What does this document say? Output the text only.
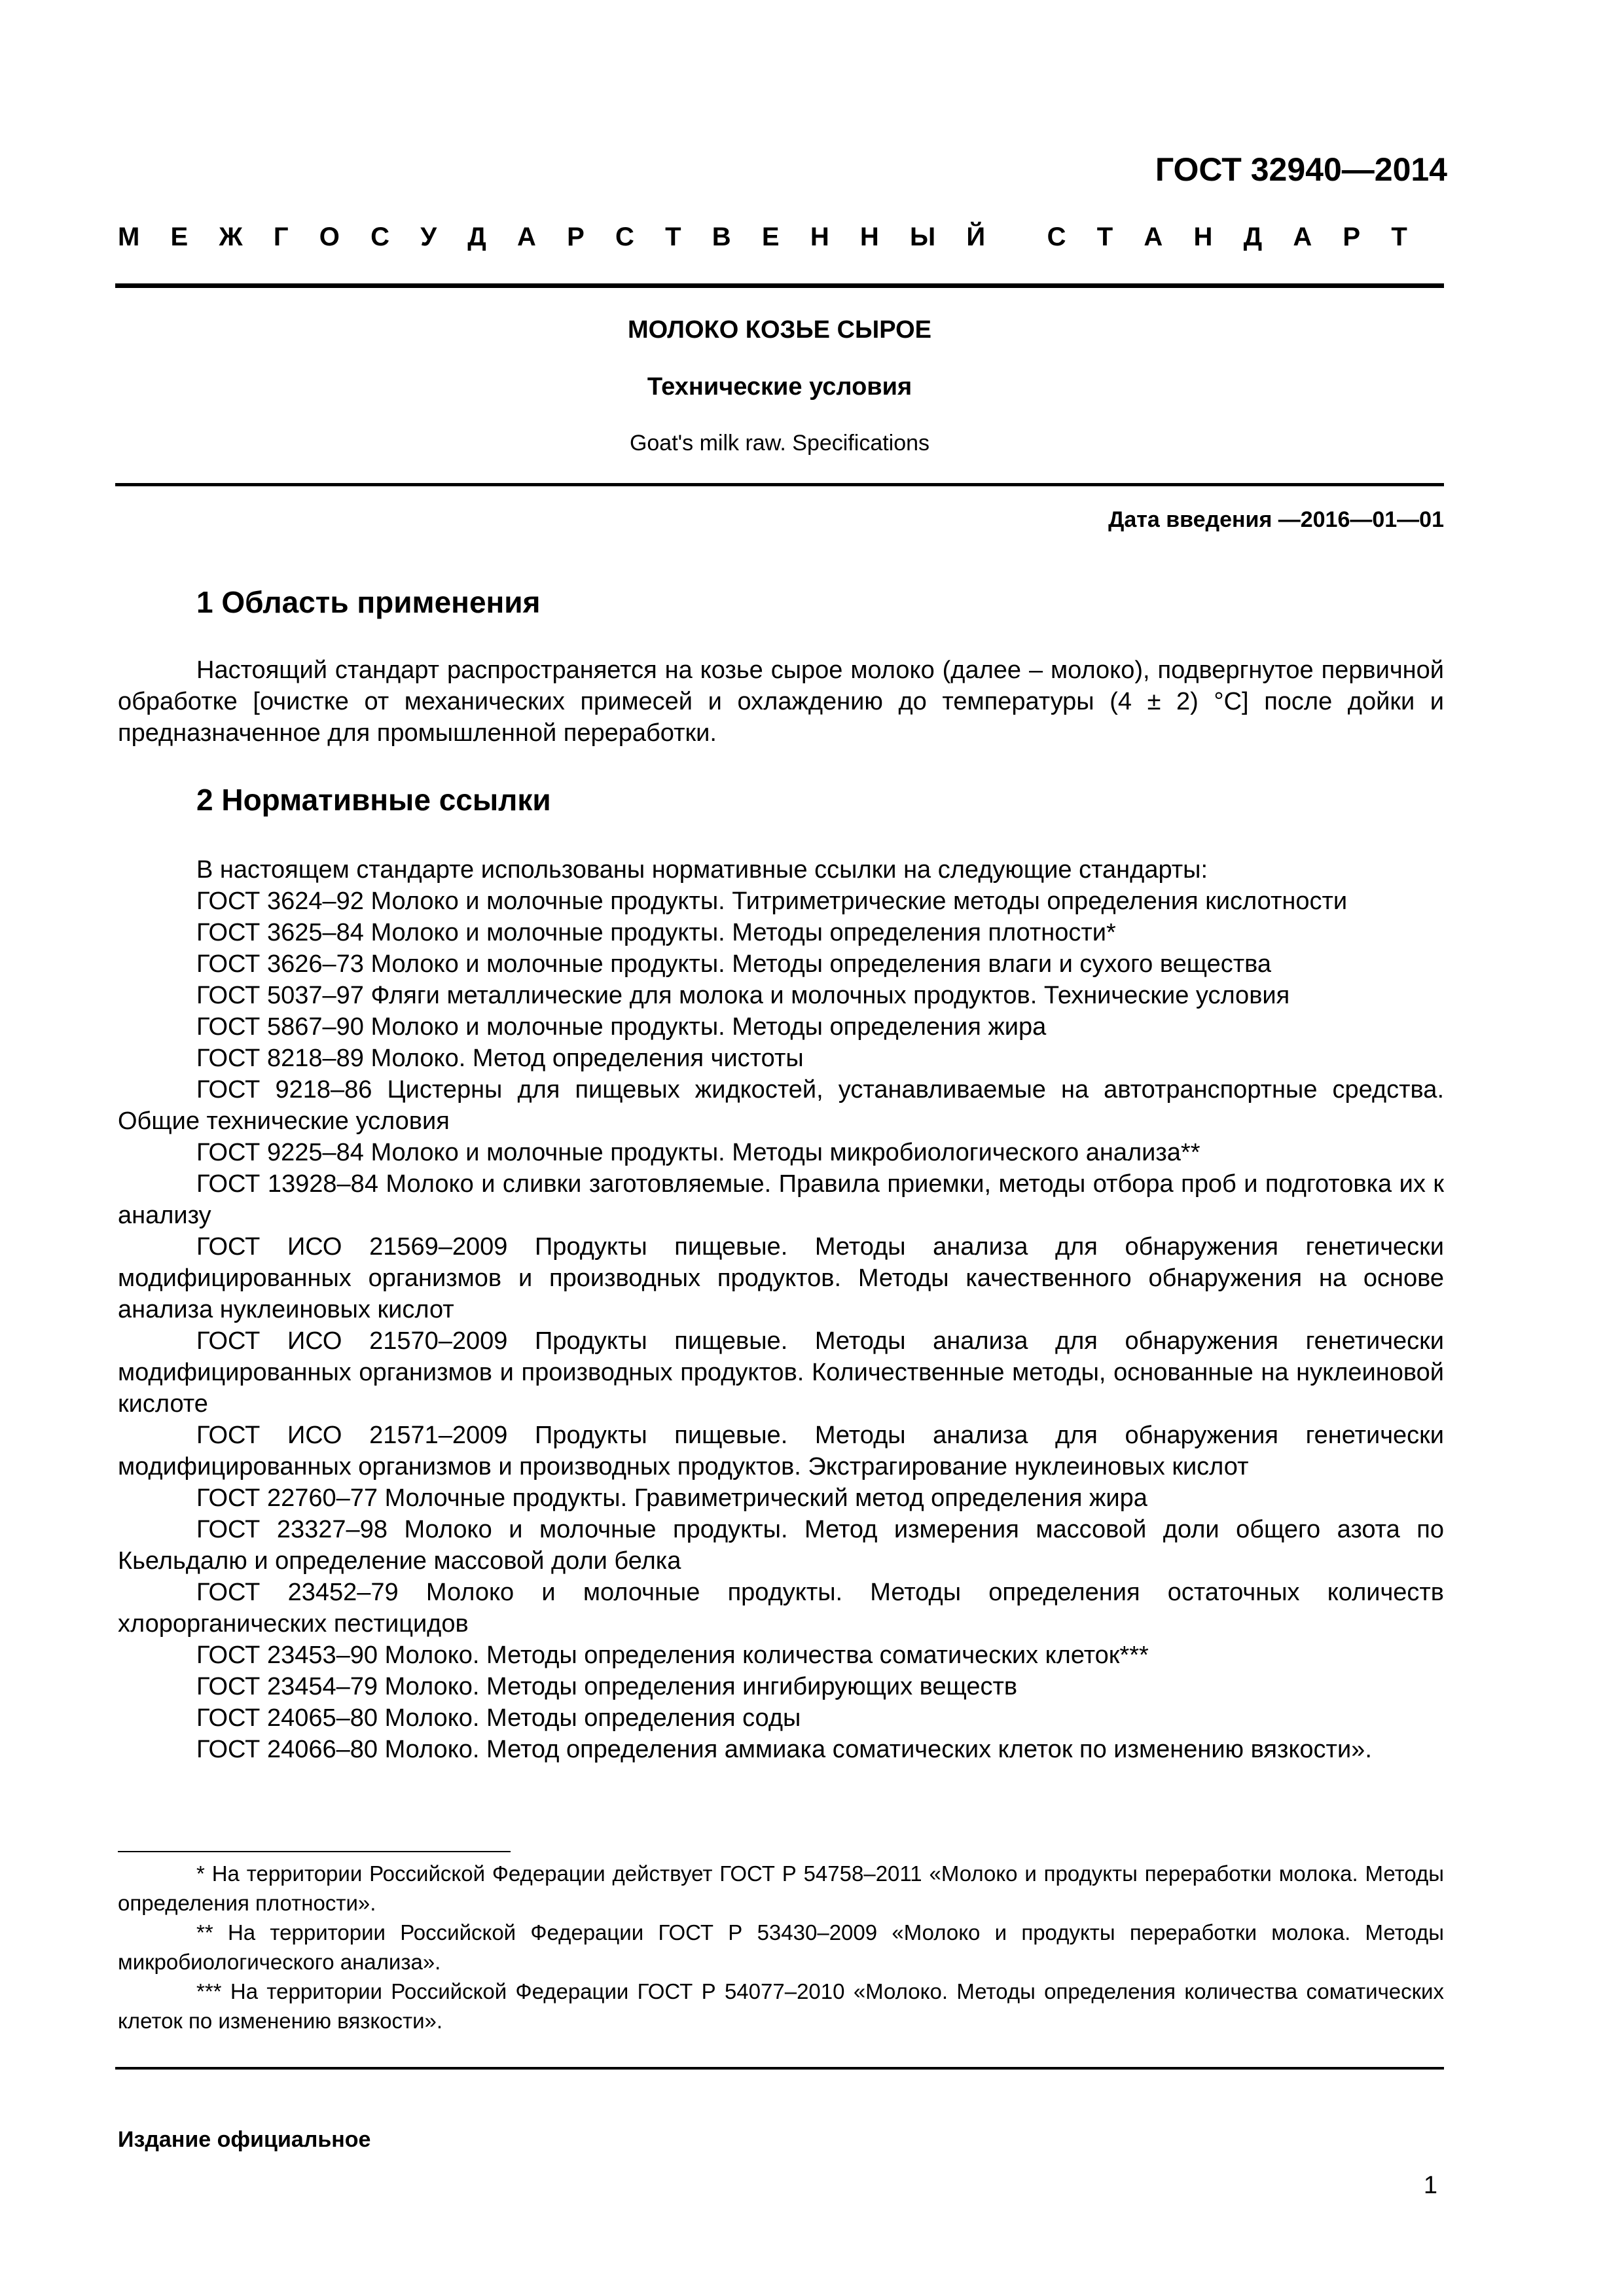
ГОСТ 32940—2014
М Е Ж Г О С У Д А Р С Т В Е Н Н Ы Й С Т А Н Д А Р Т
МОЛОКО КОЗЬЕ СЫРОЕ
Технические условия
Goat's milk raw. Specifications
Дата введения —2016—01—01
1 Область применения

Настоящий стандарт распространяется на козье сырое молоко (далее – молоко), подвергнутое первичной обработке [очистке от механических примесей и охлаждению до температуры (4 ± 2) °С] после дойки и предназначенное для промышленной переработки.

2 Нормативные ссылки

В настоящем стандарте использованы нормативные ссылки на следующие стандарты:

ГОСТ 3624–92 Молоко и молочные продукты. Титриметрические методы определения кислотности

ГОСТ 3625–84 Молоко и молочные продукты. Методы определения плотности*

ГОСТ 3626–73 Молоко и молочные продукты. Методы определения влаги и сухого вещества

ГОСТ 5037–97 Фляги металлические для молока и молочных продуктов. Технические условия

ГОСТ 5867–90 Молоко и молочные продукты. Методы определения жира

ГОСТ 8218–89 Молоко. Метод определения чистоты

ГОСТ 9218–86 Цистерны для пищевых жидкостей, устанавливаемые на автотранспортные средства. Общие технические условия

ГОСТ 9225–84 Молоко и молочные продукты. Методы микробиологического анализа**

ГОСТ 13928–84 Молоко и сливки заготовляемые. Правила приемки, методы отбора проб и подготовка их к анализу

ГОСТ ИСО 21569–2009 Продукты пищевые. Методы анализа для обнаружения генетически модифицированных организмов и производных продуктов. Методы качественного обнаружения на основе анализа нуклеиновых кислот

ГОСТ ИСО 21570–2009 Продукты пищевые. Методы анализа для обнаружения генетически модифицированных организмов и производных продуктов. Количественные методы, основанные на нуклеиновой кислоте

ГОСТ ИСО 21571–2009 Продукты пищевые. Методы анализа для обнаружения генетически модифицированных организмов и производных продуктов. Экстрагирование нуклеиновых кислот

ГОСТ 22760–77 Молочные продукты. Гравиметрический метод определения жира

ГОСТ 23327–98 Молоко и молочные продукты. Метод измерения массовой доли общего азота по Кьельдалю и определение массовой доли белка

ГОСТ 23452–79 Молоко и молочные продукты. Методы определения остаточных количеств хлорорганических пестицидов

ГОСТ 23453–90 Молоко. Методы определения количества соматических клеток***

ГОСТ 23454–79 Молоко. Методы определения ингибирующих веществ

ГОСТ 24065–80 Молоко. Методы определения соды

ГОСТ 24066–80 Молоко. Метод определения аммиака соматических клеток по изменению вязкости».

* На территории Российской Федерации действует ГОСТ Р 54758–2011 «Молоко и продукты переработки молока. Методы определения плотности».

** На территории Российской Федерации ГОСТ Р 53430–2009 «Молоко и продукты переработки молока. Методы микробиологического анализа».

*** На территории Российской Федерации ГОСТ Р 54077–2010 «Молоко. Методы определения количества соматических клеток по изменению вязкости».

Издание официальное
1
